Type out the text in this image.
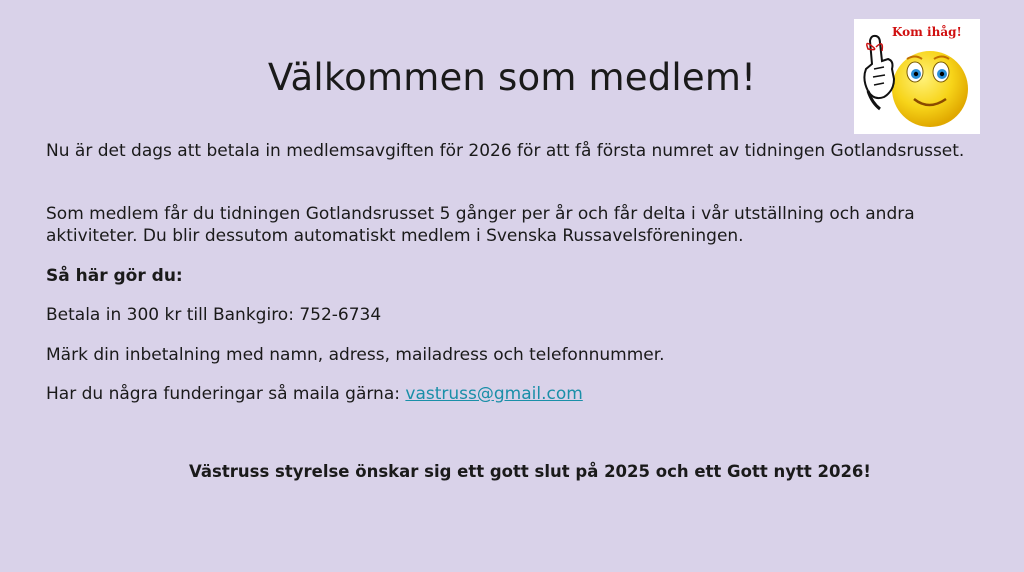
Välkommen som medlem!

Nu är det dags att betala in medlemsavgiften för 2026 för att få första numret av tidningen Gotlandsrusset.

Som medlem får du tidningen Gotlandsrusset 5 gånger per år och får delta i vår utställning och andra aktiviteter. Du blir dessutom automatiskt medlem i Svenska Russavelsföreningen.

Så här gör du:

Betala in 300 kr till Bankgiro: 752-6734

Märk din inbetalning med namn, adress, mailadress och telefonnummer.

Har du några funderingar så maila gärna: vastruss@gmail.com

Västruss styrelse önskar sig ett gott slut på 2025 och ett Gott nytt 2026!

Kom ihåg!
